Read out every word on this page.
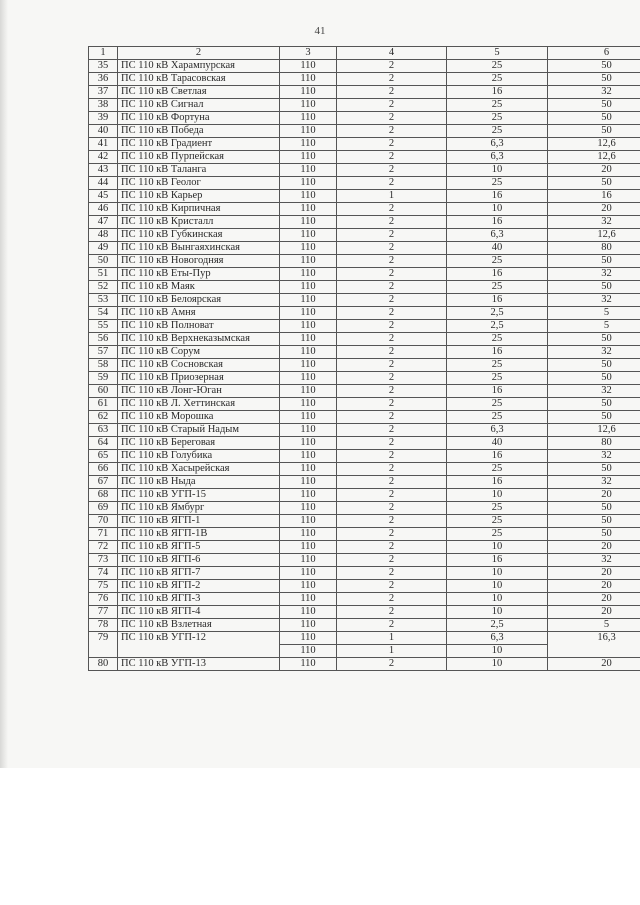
41
1	2	3	4	5	6
35	ПС 110 кВ Харампурская	110	2	25	50
36	ПС 110 кВ Тарасовская	110	2	25	50
37	ПС 110 кВ Светлая	110	2	16	32
38	ПС 110 кВ Сигнал	110	2	25	50
39	ПС 110 кВ Фортуна	110	2	25	50
40	ПС 110 кВ Победа	110	2	25	50
41	ПС 110 кВ Градиент	110	2	6,3	12,6
42	ПС 110 кВ Пурпейская	110	2	6,3	12,6
43	ПС 110 кВ Таланга	110	2	10	20
44	ПС 110 кВ Геолог	110	2	25	50
45	ПС 110 кВ Карьер	110	1	16	16
46	ПС 110 кВ Кирпичная	110	2	10	20
47	ПС 110 кВ Кристалл	110	2	16	32
48	ПС 110 кВ Губкинская	110	2	6,3	12,6
49	ПС 110 кВ Вынгаяхинская	110	2	40	80
50	ПС 110 кВ Новогодняя	110	2	25	50
51	ПС 110 кВ Еты-Пур	110	2	16	32
52	ПС 110 кВ Маяк	110	2	25	50
53	ПС 110 кВ Белоярская	110	2	16	32
54	ПС 110 кВ Амня	110	2	2,5	5
55	ПС 110 кВ Полноват	110	2	2,5	5
56	ПС 110 кВ Верхнеказымская	110	2	25	50
57	ПС 110 кВ Сорум	110	2	16	32
58	ПС 110 кВ Сосновская	110	2	25	50
59	ПС 110 кВ Приозерная	110	2	25	50
60	ПС 110 кВ Лонг-Юган	110	2	16	32
61	ПС 110 кВ Л. Хеттинская	110	2	25	50
62	ПС 110 кВ Морошка	110	2	25	50
63	ПС 110 кВ Старый Надым	110	2	6,3	12,6
64	ПС 110 кВ Береговая	110	2	40	80
65	ПС 110 кВ Голубика	110	2	16	32
66	ПС 110 кВ Хасырейская	110	2	25	50
67	ПС 110 кВ Ныда	110	2	16	32
68	ПС 110 кВ УГП-15	110	2	10	20
69	ПС 110 кВ Ямбург	110	2	25	50
70	ПС 110 кВ ЯГП-1	110	2	25	50
71	ПС 110 кВ ЯГП-1В	110	2	25	50
72	ПС 110 кВ ЯГП-5	110	2	10	20
73	ПС 110 кВ ЯГП-6	110	2	16	32
74	ПС 110 кВ ЯГП-7	110	2	10	20
75	ПС 110 кВ ЯГП-2	110	2	10	20
76	ПС 110 кВ ЯГП-3	110	2	10	20
77	ПС 110 кВ ЯГП-4	110	2	10	20
78	ПС 110 кВ Взлетная	110	2	2,5	5
79	ПС 110 кВ УГП-12	110	1	6,3	16,3
		110	1	10	
80	ПС 110 кВ УГП-13	110	2	10	20
